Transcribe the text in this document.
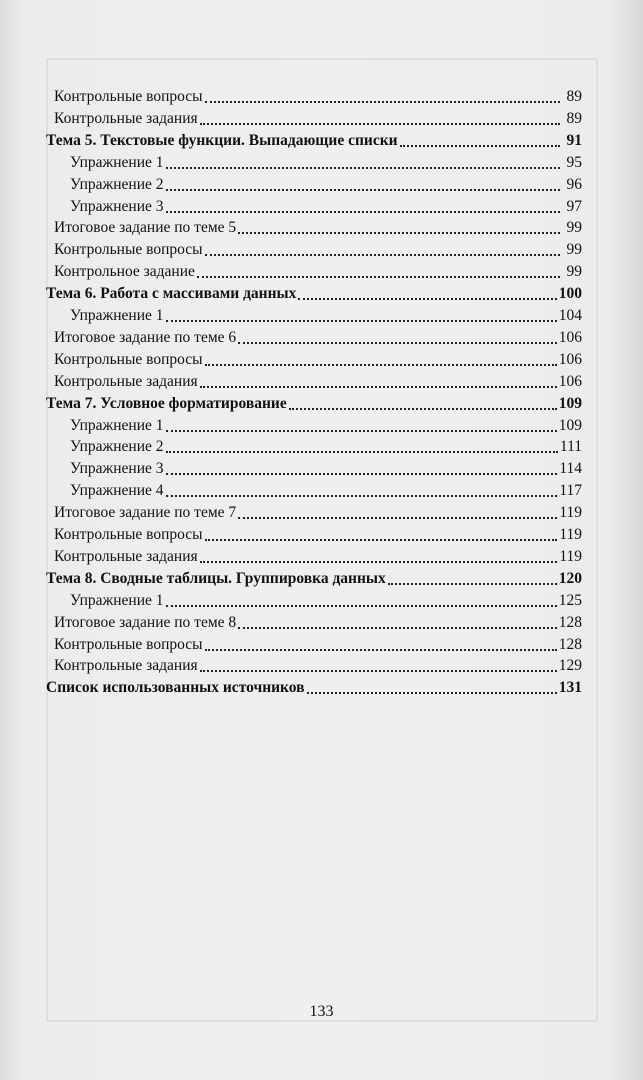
Контрольные вопросы	89
Контрольные задания	89
Тема 5. Текстовые функции. Выпадающие списки	91
Упражнение 1	95
Упражнение 2	96
Упражнение 3	97
Итоговое задание по теме 5	99
Контрольные вопросы	99
Контрольное задание	99
Тема 6. Работа с массивами данных	100
Упражнение 1	104
Итоговое задание по теме 6	106
Контрольные вопросы	106
Контрольные задания	106
Тема 7. Условное форматирование	109
Упражнение 1	109
Упражнение 2	111
Упражнение 3	114
Упражнение 4	117
Итоговое задание по теме 7	119
Контрольные вопросы	119
Контрольные задания	119
Тема 8. Сводные таблицы. Группировка данных	120
Упражнение 1	125
Итоговое задание по теме 8	128
Контрольные вопросы	128
Контрольные задания	129
Список использованных источников	131
133
